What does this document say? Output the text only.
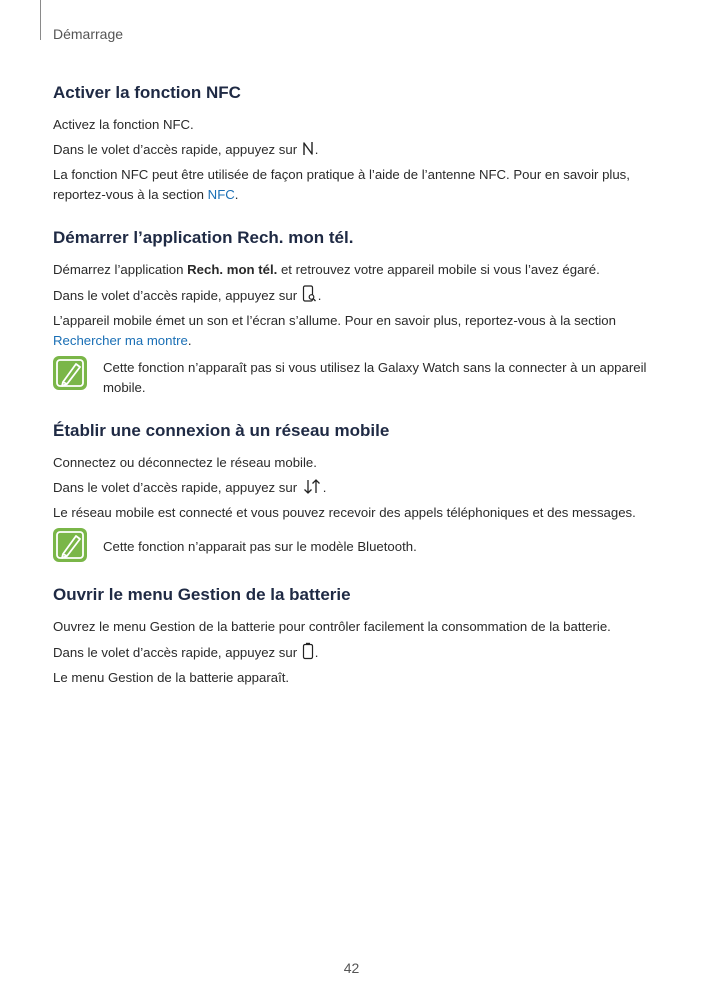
Démarrage
Activer la fonction NFC

Activez la fonction NFC.

Dans le volet d’accès rapide, appuyez sur .

La fonction NFC peut être utilisée de façon pratique à l’aide de l’antenne NFC. Pour en savoir plus, reportez-vous à la section NFC.

Démarrer l’application Rech. mon tél.

Démarrez l’application Rech. mon tél. et retrouvez votre appareil mobile si vous l’avez égaré.

Dans le volet d’accès rapide, appuyez sur .

L’appareil mobile émet un son et l’écran s’allume. Pour en savoir plus, reportez-vous à la section Rechercher ma montre.

Cette fonction n’apparaît pas si vous utilisez la Galaxy Watch sans la connecter à un appareil mobile.

Établir une connexion à un réseau mobile

Connectez ou déconnectez le réseau mobile.

Dans le volet d’accès rapide, appuyez sur .

Le réseau mobile est connecté et vous pouvez recevoir des appels téléphoniques et des messages.

Cette fonction n’apparait pas sur le modèle Bluetooth.

Ouvrir le menu Gestion de la batterie

Ouvrez le menu Gestion de la batterie pour contrôler facilement la consommation de la batterie.

Dans le volet d’accès rapide, appuyez sur .

Le menu Gestion de la batterie apparaît.

42
